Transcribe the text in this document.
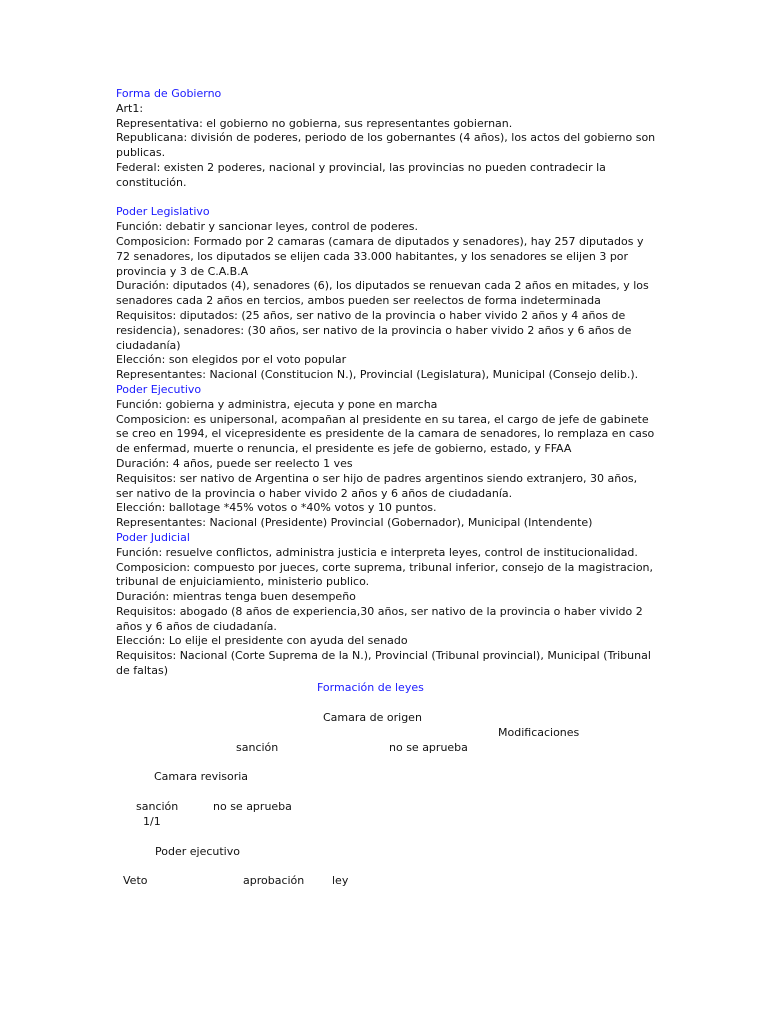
Forma de Gobierno
Art1:
Representativa: el gobierno no gobierna, sus representantes gobiernan.
Republicana: división de poderes, periodo de los gobernantes (4 años), los actos del gobierno son publicas.
Federal: existen 2 poderes, nacional y provincial, las provincias no pueden contradecir la constitución.
Poder Legislativo
Función: debatir y sancionar leyes, control de poderes.
Composicion: Formado por 2 camaras (camara de diputados y senadores), hay 257 diputados y 72 senadores, los diputados se elijen cada 33.000 habitantes, y los senadores se elijen 3 por provincia y 3 de C.A.B.A
Duración: diputados (4), senadores (6), los diputados se renuevan cada 2 años en mitades, y los senadores cada 2 años en tercios, ambos pueden ser reelectos de forma indeterminada
Requisitos: diputados: (25 años, ser nativo de la provincia o haber vivido 2 años y 4 años de residencia), senadores: (30 años, ser nativo de la provincia o haber vivido 2 años y 6 años de ciudadanía)
Elección: son elegidos por el voto popular
Representantes: Nacional (Constitucion N.), Provincial (Legislatura), Municipal (Consejo delib.).
Poder Ejecutivo
Función: gobierna y administra, ejecuta y pone en marcha
Composicion: es unipersonal, acompañan al presidente en su tarea, el cargo de jefe de gabinete se creo en 1994, el vicepresidente es presidente de la camara de senadores, lo remplaza en caso de enfermad, muerte o renuncia, el presidente es jefe de gobierno, estado, y FFAA
Duración: 4 años, puede ser reelecto 1 ves
Requisitos: ser nativo de Argentina o ser hijo de padres argentinos siendo extranjero, 30 años, ser nativo de la provincia o haber vivido 2 años y 6 años de ciudadanía.
Elección: ballotage *45% votos o *40% votos y 10 puntos.
Representantes: Nacional (Presidente) Provincial (Gobernador), Municipal (Intendente)
Poder Judicial
Función: resuelve conflictos, administra justicia e interpreta leyes, control de institucionalidad.
Composicion: compuesto por jueces, corte suprema, tribunal inferior, consejo de la magistracion, tribunal de enjuiciamiento, ministerio publico.
Duración: mientras tenga buen desempeño
Requisitos: abogado (8 años de experiencia,30 años, ser nativo de la provincia o haber vivido 2 años y 6 años de ciudadanía.
Elección: Lo elije el presidente con ayuda del senado
Requisitos: Nacional (Corte Suprema de la N.), Provincial (Tribunal provincial), Municipal (Tribunal de faltas)
Formación de leyes
Camara de origen
Modificaciones
sanción	no se aprueba
Camara revisoria
sanción	no se aprueba
1/1
Poder ejecutivo
Veto	aprobación	ley
